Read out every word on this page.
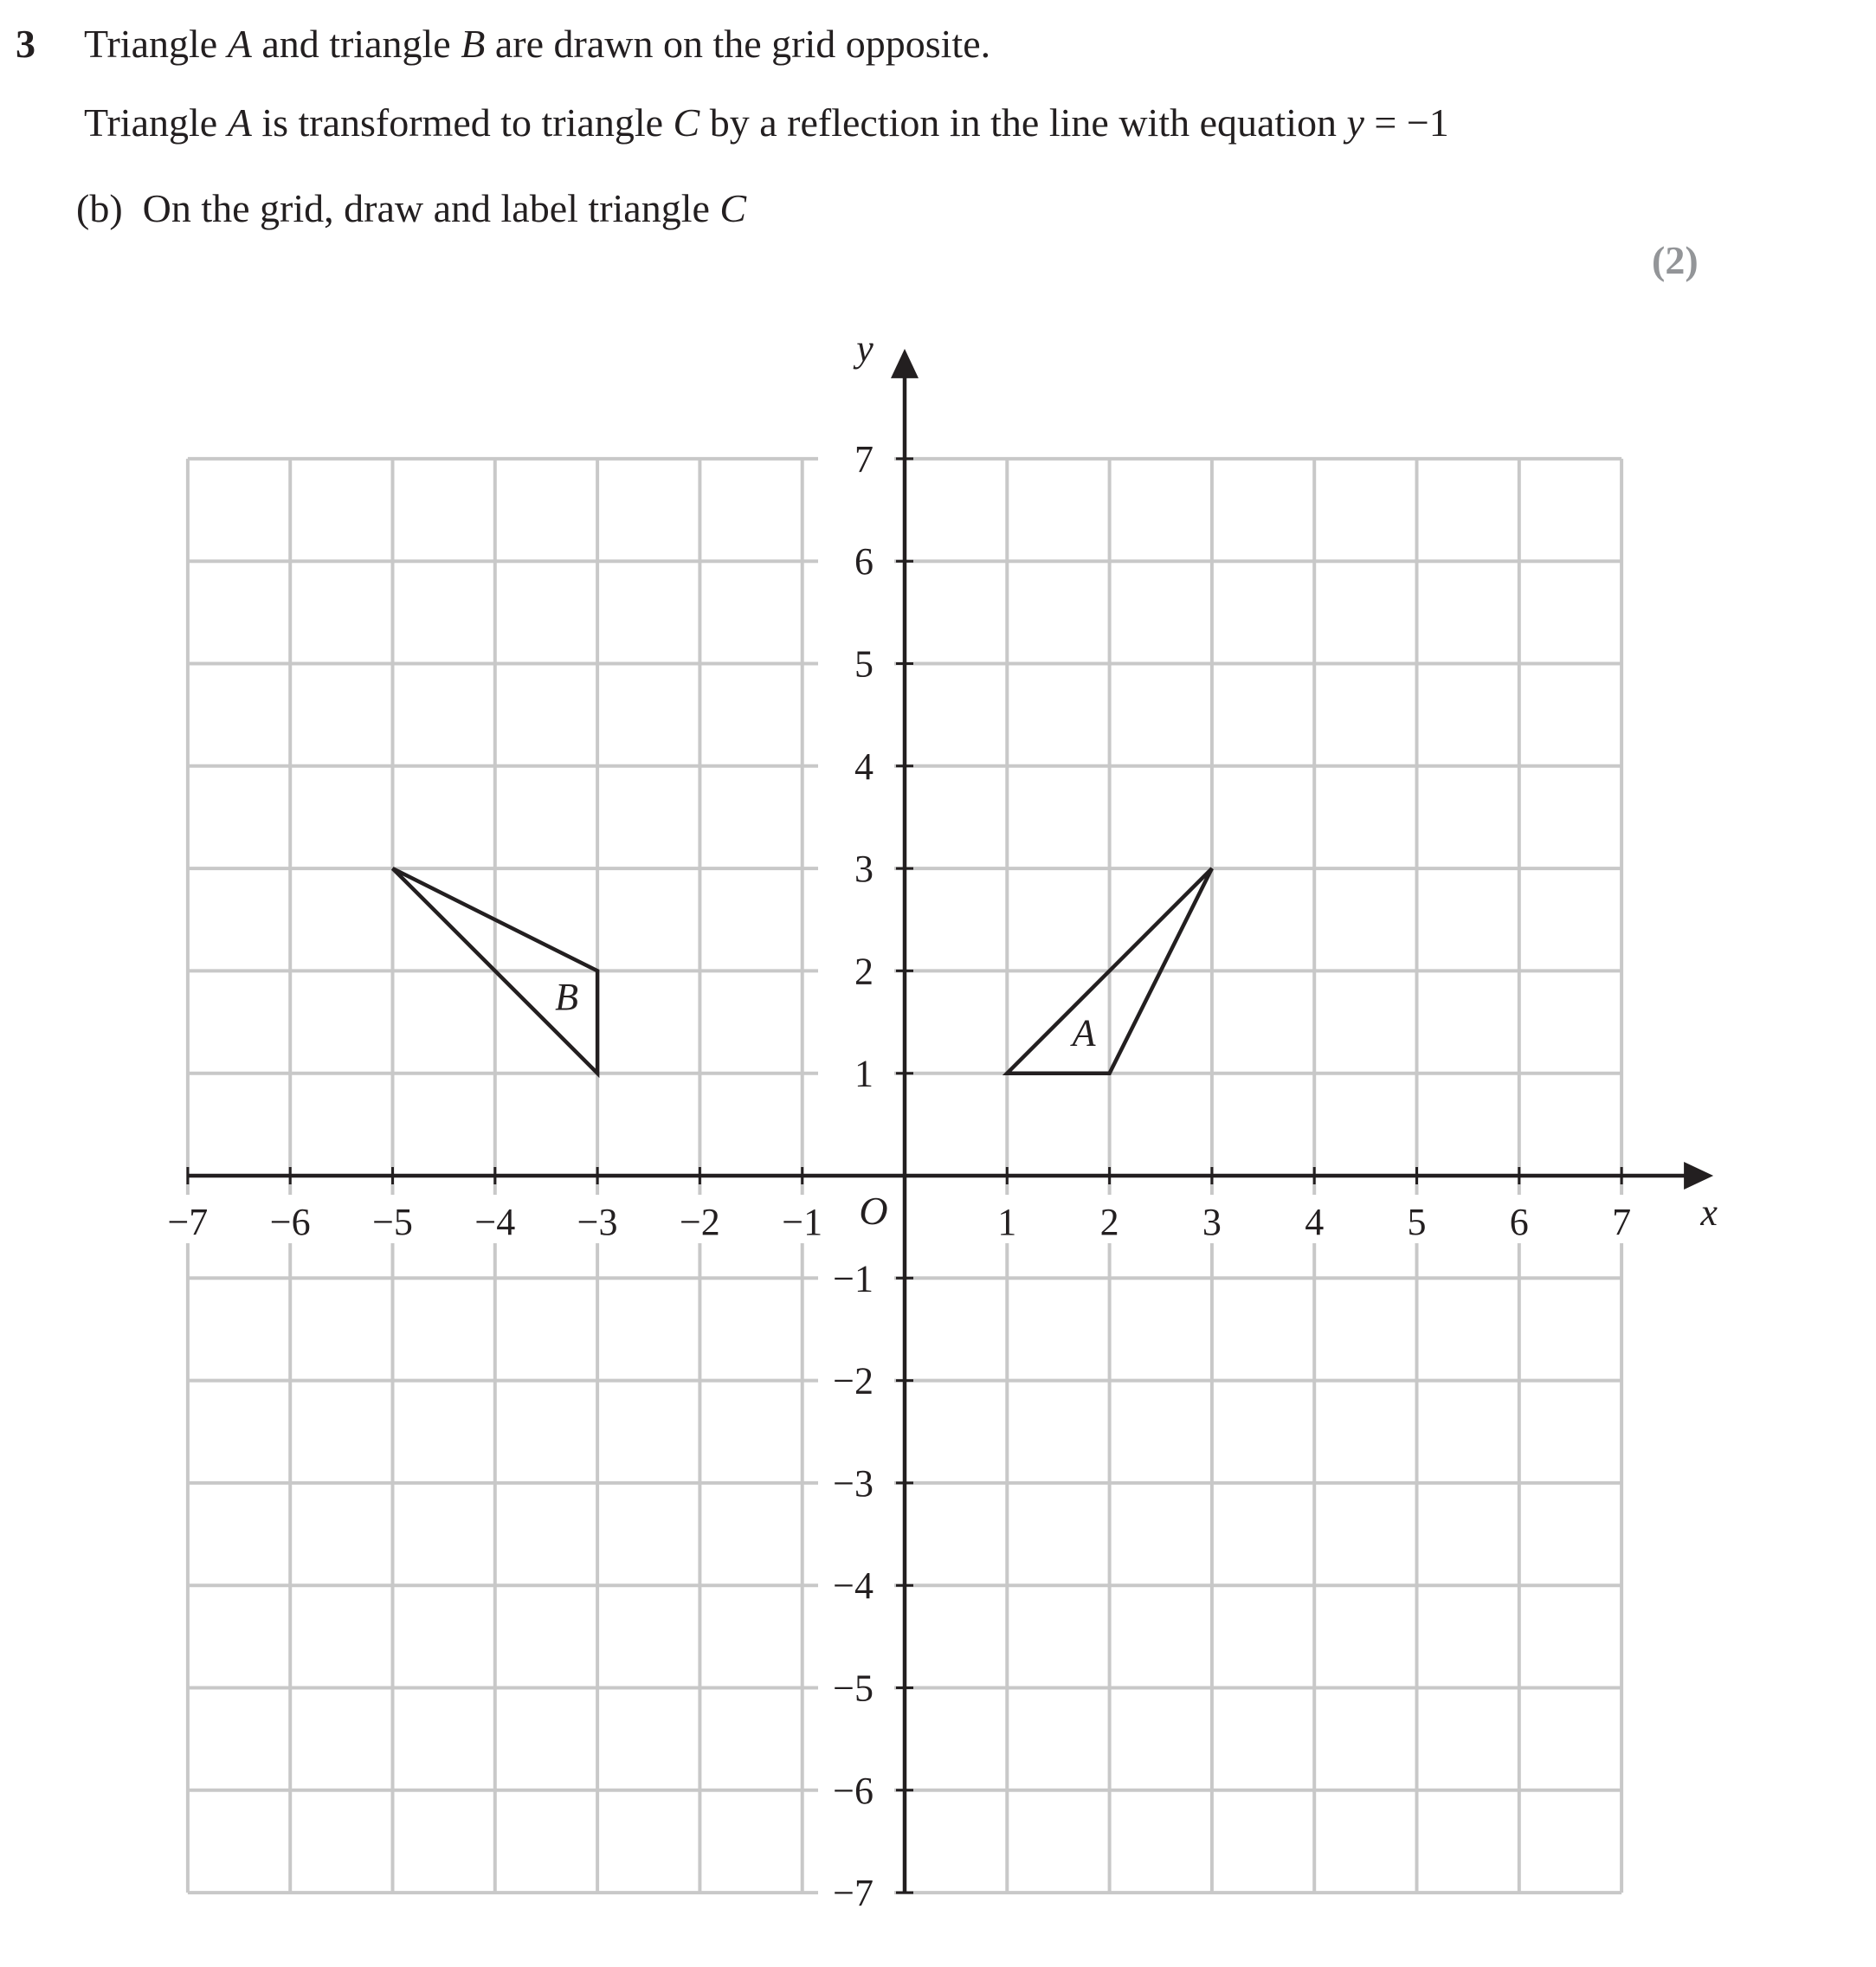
3 Triangle A and triangle B are drawn on the grid opposite.
Triangle A is transformed to triangle C by a reflection in the line with equation y = −1
(b) On the grid, draw and label triangle C
(2)
−7 −6 −5 −4 −3 −2 −1	1 2 3 4 5 6 7
7
6
5
4
3
2
1
−1
−2
−3
−4
−5
−6
−7
x
y
O
A
B
